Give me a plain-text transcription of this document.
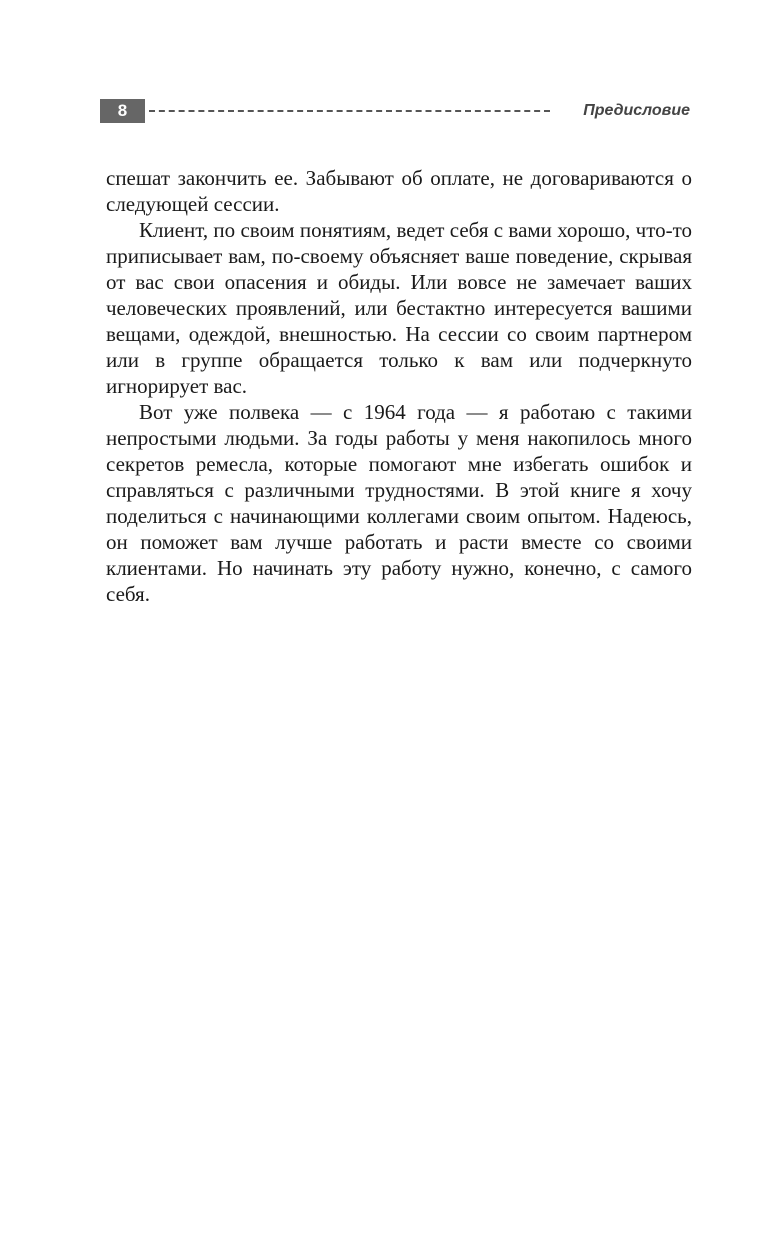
8	Предисловие

спешат закончить ее. Забывают об оплате, не договариваются о следующей сессии.

Клиент, по своим понятиям, ведет себя с вами хорошо, что-то приписывает вам, по-своему объясняет ваше поведение, скрывая от вас свои опасения и обиды. Или вовсе не замечает ваших человеческих проявлений, или бестактно интересуется вашими вещами, одеждой, внешностью. На сессии со своим партнером или в группе обращается только к вам или подчеркнуто игнорирует вас.

Вот уже полвека — с 1964 года — я работаю с такими непростыми людьми. За годы работы у меня накопилось много секретов ремесла, которые помогают мне избегать ошибок и справляться с различными трудностями. В этой книге я хочу поделиться с начинающими коллегами своим опытом. Надеюсь, он поможет вам лучше работать и расти вместе со своими клиентами. Но начинать эту работу нужно, конечно, с самого себя.
